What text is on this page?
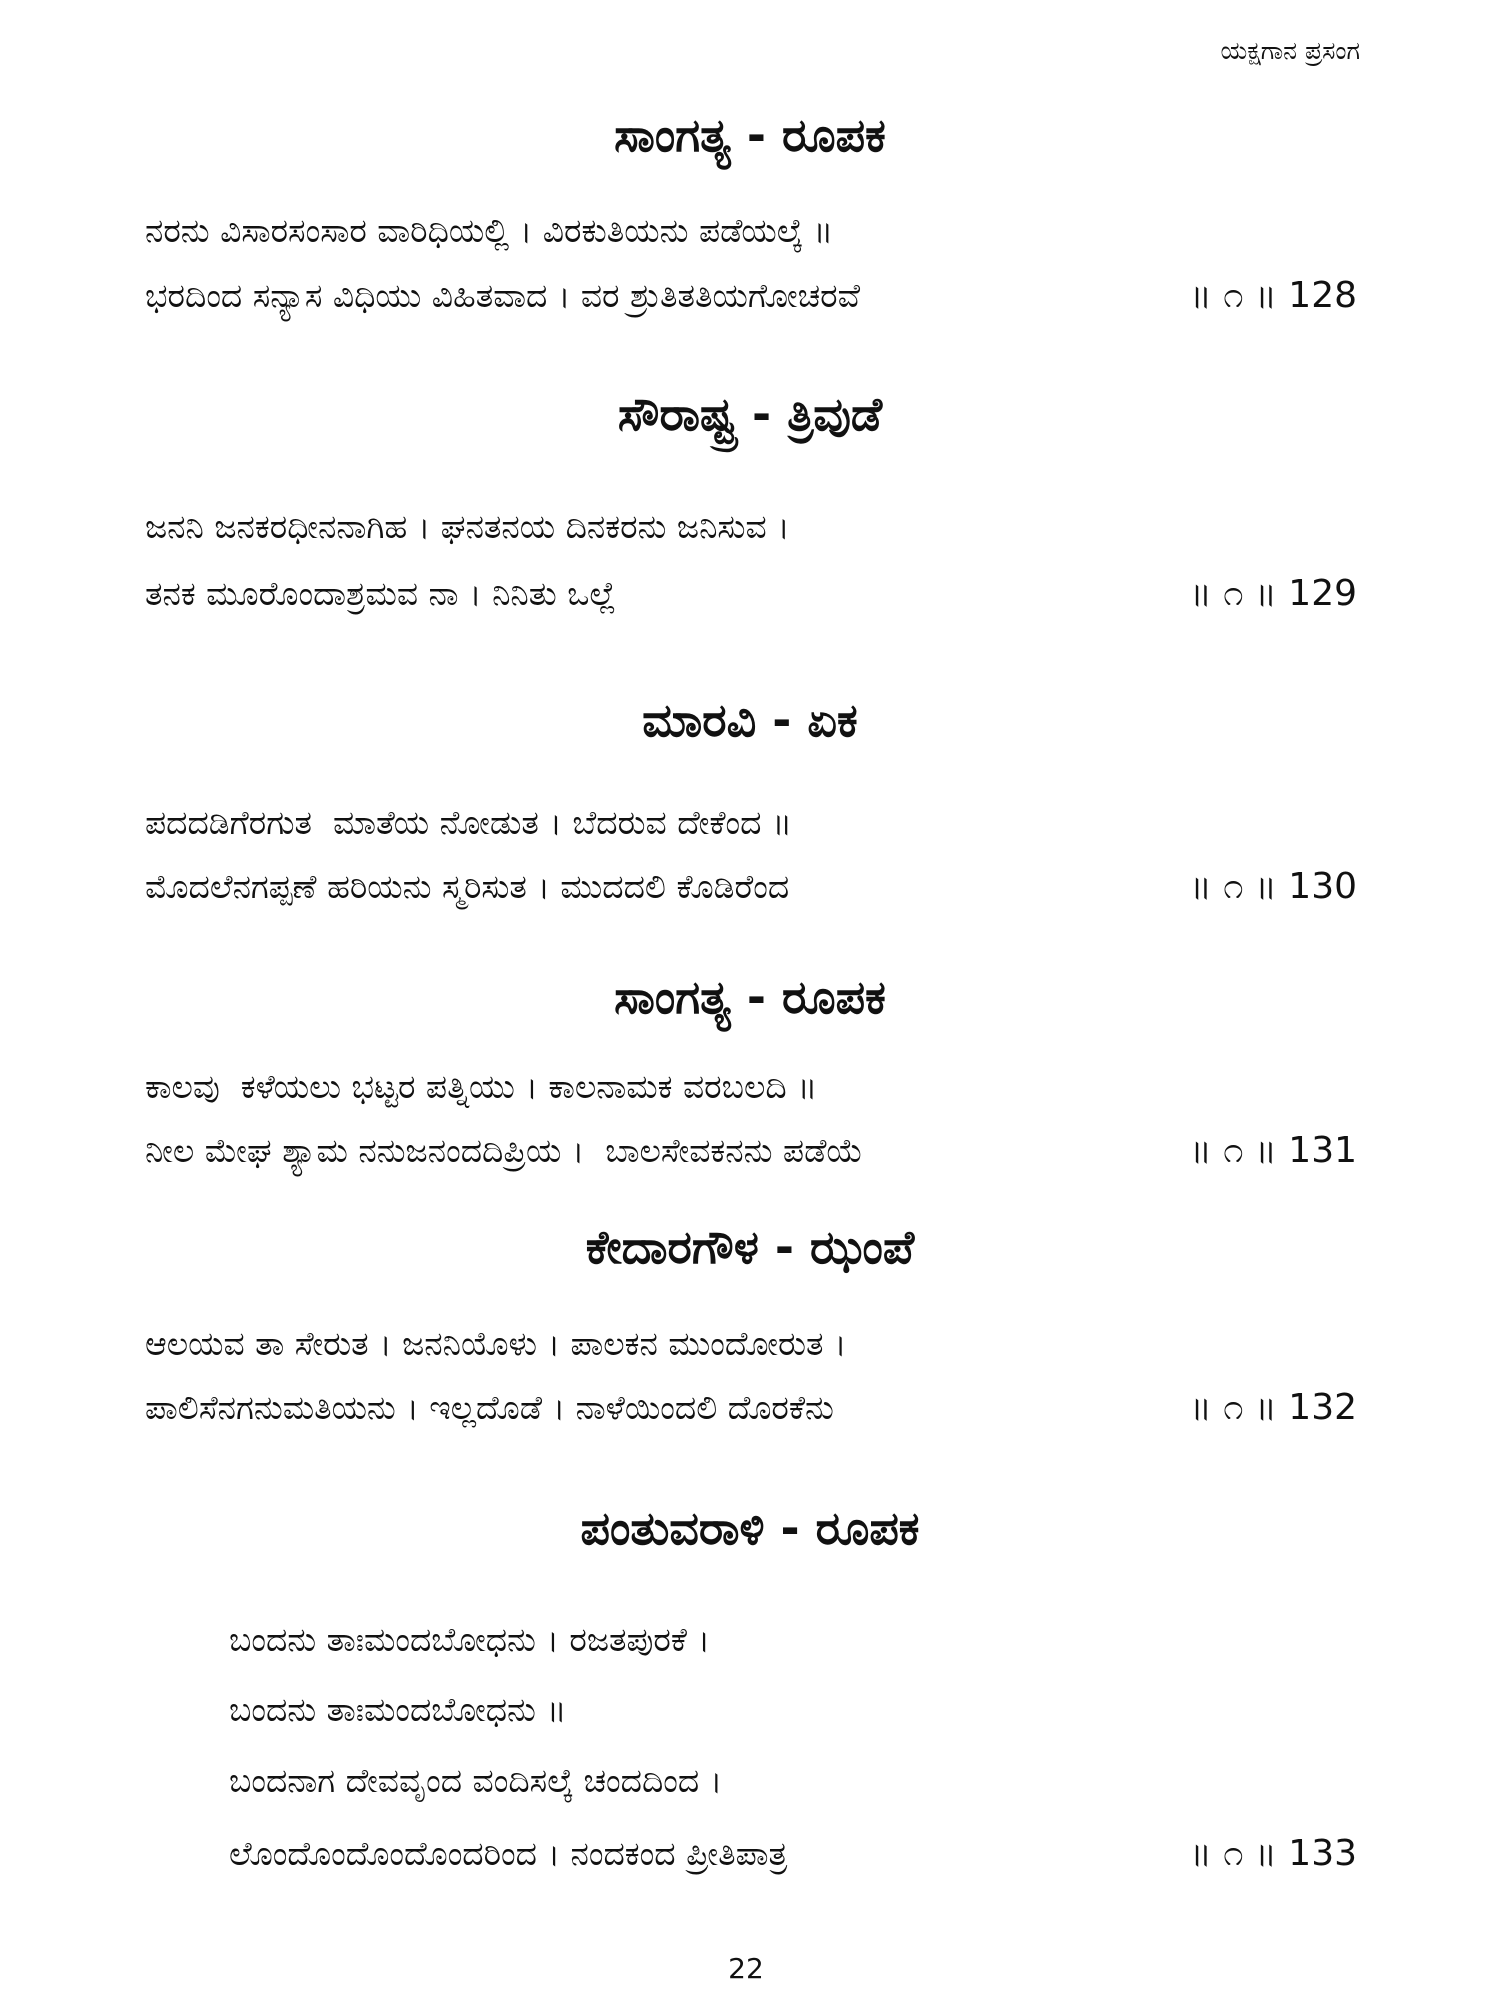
ಯಕ್ಷಗಾನ ಪ್ರಸಂಗ
ಸಾಂಗತ್ಯ - ರೂಪಕ
ನರನು ವಿಸಾರಸಂಸಾರ ವಾರಿಧಿಯಲ್ಲಿ । ವಿರಕುತಿಯನು ಪಡೆಯಲ್ಕೆ ॥
ಭರದಿಂದ ಸನ್ಯಾಸ ವಿಧಿಯು ವಿಹಿತವಾದ । ವರ ಶ್ರುತಿತತಿಯಗೋಚರವೆ	॥ ೧ ॥ 128
ಸೌರಾಷ್ಟ್ರ - ತ್ರಿವುಡೆ
ಜನನಿ ಜನಕರಧೀನನಾಗಿಹ । ಘನತನಯ ದಿನಕರನು ಜನಿಸುವ ।
ತನಕ ಮೂರೊಂದಾಶ್ರಮವ ನಾ । ನಿನಿತು ಒಲ್ಲೆ	॥ ೧ ॥ 129
ಮಾರವಿ - ಏಕ
ಪದದಡಿಗೆರಗುತ  ಮಾತೆಯ ನೋಡುತ । ಬೆದರುವ ದೇಕೆಂದ ॥
ಮೊದಲೆನಗಪ್ಪಣೆ ಹರಿಯನು ಸ್ಮರಿಸುತ । ಮುದದಲಿ ಕೊಡಿರೆಂದ	॥ ೧ ॥ 130
ಸಾಂಗತ್ಯ - ರೂಪಕ
ಕಾಲವು  ಕಳೆಯಲು ಭಟ್ಟರ ಪತ್ನಿಯು । ಕಾಲನಾಮಕ ವರಬಲದಿ ॥
ನೀಲ ಮೇಘ ಶ್ಯಾಮ ನನುಜನಂದದಿಪ್ರಿಯ ।  ಬಾಲಸೇವಕನನು ಪಡೆಯೆ	॥ ೧ ॥ 131
ಕೇದಾರಗೌಳ - ಝಂಪೆ
ಆಲಯವ ತಾ ಸೇರುತ । ಜನನಿಯೊಳು । ಪಾಲಕನ ಮುಂದೋರುತ ।
ಪಾಲಿಸೆನಗನುಮತಿಯನು । ಇಲ್ಲದೊಡೆ । ನಾಳೆಯಿಂದಲಿ ದೊರಕೆನು	॥ ೧ ॥ 132
ಪಂತುವರಾಳಿ - ರೂಪಕ
ಬಂದನು ತಾಃಮಂದಬೋಧನು । ರಜತಪುರಕೆ ।
ಬಂದನು ತಾಃಮಂದಬೋಧನು ॥
ಬಂದನಾಗ ದೇವವೃಂದ ವಂದಿಸಲ್ಕೆ ಚಂದದಿಂದ ।
ಲೊಂದೊಂದೊಂದೊಂದರಿಂದ । ನಂದಕಂದ ಪ್ರೀತಿಪಾತ್ರ	॥ ೧ ॥ 133
22
